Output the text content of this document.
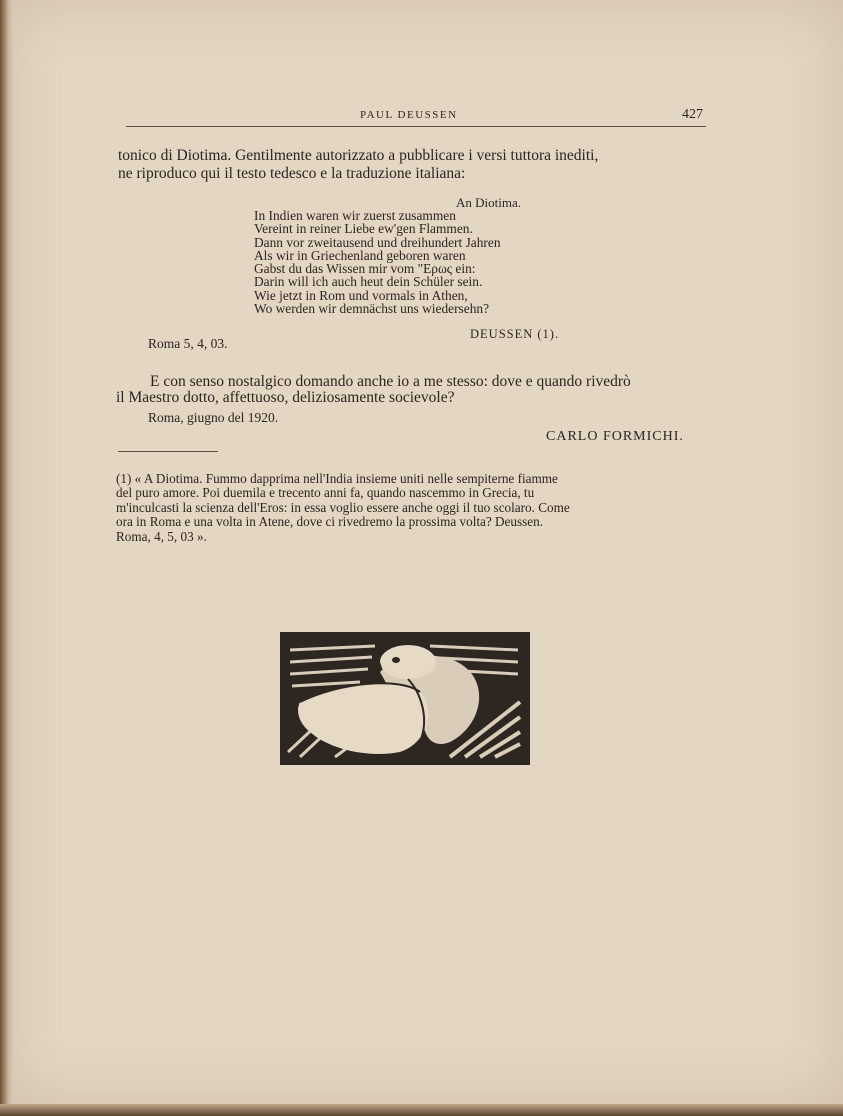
PAUL DEUSSEN	427
tonico di Diotima. Gentilmente autorizzato a pubblicare i versi tuttora inediti,
ne riproduco qui il testo tedesco e la traduzione italiana:
An Diotima.
In Indien waren wir zuerst zusammen
Vereint in reiner Liebe ew'gen Flammen.
Dann vor zweitausend und dreihundert Jahren
Als wir in Griechenland geboren waren
Gabst du das Wissen mir vom "Ερως ein:
Darin will ich auch heut dein Schüler sein.
Wie jetzt in Rom und vormals in Athen,
Wo werden wir demnächst uns wiedersehn?
DEUSSEN (1).
Roma 5, 4, 03.
E con senso nostalgico domando anche io a me stesso: dove e quando rivedrò
il Maestro dotto, affettuoso, deliziosamente socievole?
Roma, giugno del 1920.
CARLO FORMICHI.
(1) « A Diotima. Fummo dapprima nell'India insieme uniti nelle sempiterne fiamme
del puro amore. Poi duemila e trecento anni fa, quando nascemmo in Grecia, tu
m'inculcasti la scienza dell'Eros: in essa voglio essere anche oggi il tuo scolaro. Come
ora in Roma e una volta in Atene, dove ci rivedremo la prossima volta? Deussen.
Roma, 4, 5, 03 ».
